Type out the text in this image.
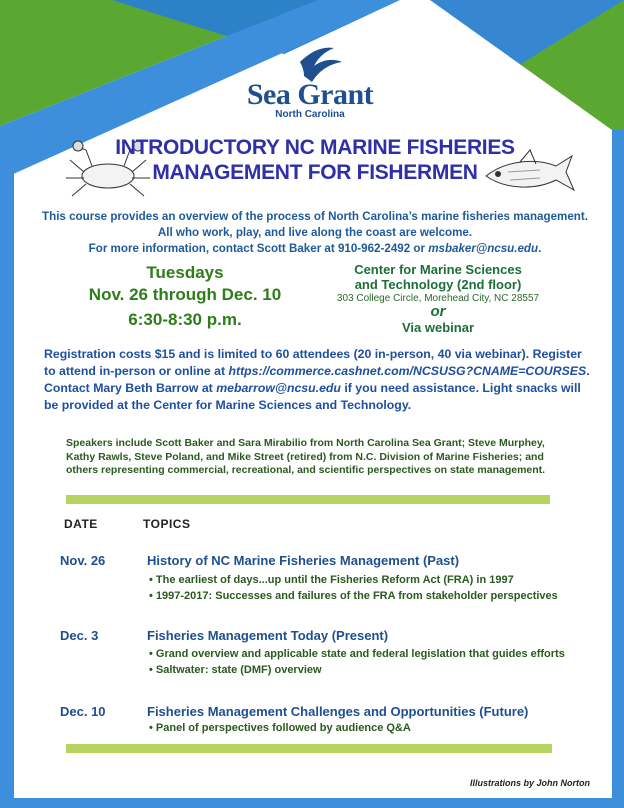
Sea Grant
North Carolina
INTRODUCTORY NC MARINE FISHERIES
MANAGEMENT FOR FISHERMEN
This course provides an overview of the process of North Carolina’s marine fisheries management.
All who work, play, and live along the coast are welcome.
For more information, contact Scott Baker at 910-962-2492 or msbaker@ncsu.edu.
Tuesdays
Nov. 26 through Dec. 10
6:30-8:30 p.m.
Center for Marine Sciences
and Technology (2nd floor)
303 College Circle, Morehead City, NC 28557
or
Via webinar
Registration costs $15 and is limited to 60 attendees (20 in-person, 40 via webinar). Register to attend in-person or online at https://commerce.cashnet.com/NCSUSG?CNAME=COURSES. Contact Mary Beth Barrow at mebarrow@ncsu.edu if you need assistance. Light snacks will be provided at the Center for Marine Sciences and Technology.
Speakers include Scott Baker and Sara Mirabilio from North Carolina Sea Grant; Steve Murphey, Kathy Rawls, Steve Poland, and Mike Street (retired) from N.C. Division of Marine Fisheries; and others representing commercial, recreational, and scientific perspectives on state management.
DATE	TOPICS
Nov. 26	History of NC Marine Fisheries Management (Past)
• The earliest of days...up until the Fisheries Reform Act (FRA) in 1997
• 1997-2017: Successes and failures of the FRA from stakeholder perspectives
Dec. 3	Fisheries Management Today (Present)
• Grand overview and applicable state and federal legislation that guides efforts
• Saltwater: state (DMF) overview
Dec. 10	Fisheries Management Challenges and Opportunities (Future)
• Panel of perspectives followed by audience Q&A
Illustrations by John Norton
